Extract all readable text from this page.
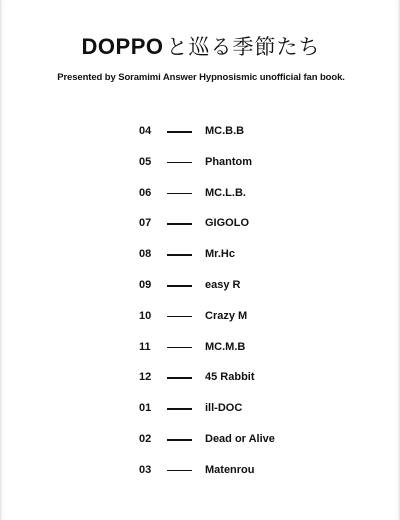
DOPPO と巡る季節たち
Presented by Soramimi Answer Hypnosismic unofficial fan book.
04	MC.B.B
05	Phantom
06	MC.L.B.
07	GIGOLO
08	Mr.Hc
09	easy R
10	Crazy M
11	MC.M.B
12	45 Rabbit
01	ill-DOC
02	Dead or Alive
03	Matenrou
